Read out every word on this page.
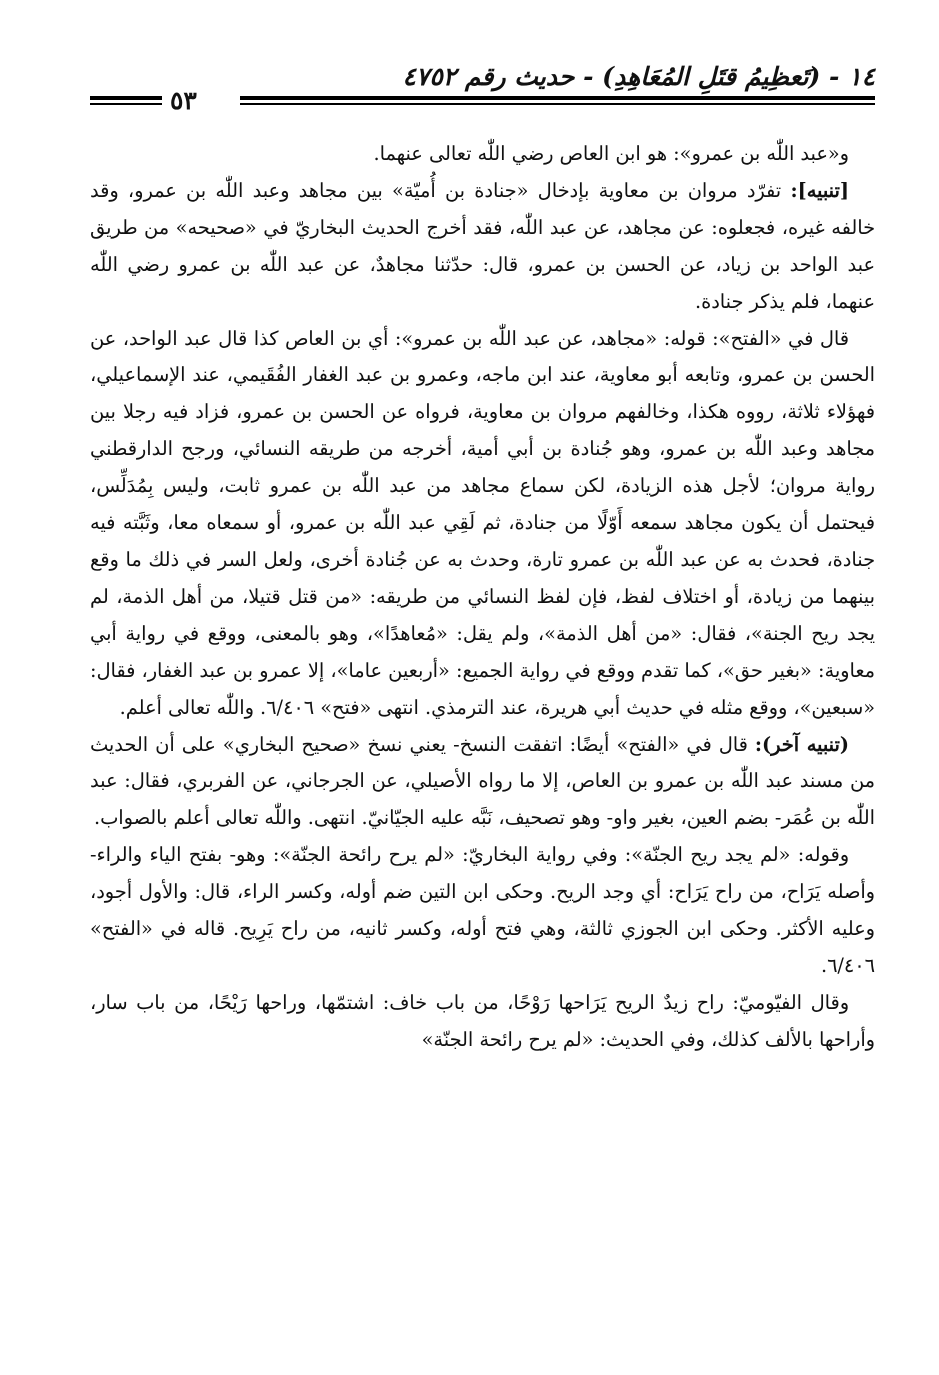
١٤ - (تَعظِيمُ قتَلِ المُعَاهِدِ) - حديث رقم ٤٧٥٢
٥٣

و«عبد اللّٰه بن عمرو»: هو ابن العاص رضي اللّٰه تعالى عنهما.

[تنبيه]: تفرّد مروان بن معاوية بإدخال «جنادة بن أُميّة» بين مجاهد وعبد اللّٰه بن عمرو، وقد خالفه غيره، فجعلوه: عن مجاهد، عن عبد اللّٰه، فقد أخرج الحديث البخاريّ في «صحيحه» من طريق عبد الواحد بن زياد، عن الحسن بن عمرو، قال: حدّثنا مجاهدٌ، عن عبد اللّٰه بن عمرو رضي اللّٰه عنهما، فلم يذكر جنادة.

قال في «الفتح»: قوله: «مجاهد، عن عبد اللّٰه بن عمرو»: أي بن العاص كذا قال عبد الواحد، عن الحسن بن عمرو، وتابعه أبو معاوية، عند ابن ماجه، وعمرو بن عبد الغفار الفُقَيمي، عند الإسماعيلي، فهؤلاء ثلاثة، رووه هكذا، وخالفهم مروان بن معاوية، فرواه عن الحسن بن عمرو، فزاد فيه رجلا بين مجاهد وعبد اللّٰه بن عمرو، وهو جُنادة بن أبي أمية، أخرجه من طريقه النسائي، ورجح الدارقطني رواية مروان؛ لأجل هذه الزيادة، لكن سماع مجاهد من عبد اللّٰه بن عمرو ثابت، وليس بِمُدَلِّس، فيحتمل أن يكون مجاهد سمعه أَوّلًا من جنادة، ثم لَقِي عبد اللّٰه بن عمرو، أو سمعاه معا، وثَبَّته فيه جنادة، فحدث به عن عبد اللّٰه بن عمرو تارة، وحدث به عن جُنادة أخرى، ولعل السر في ذلك ما وقع بينهما من زيادة، أو اختلاف لفظ، فإن لفظ النسائي من طريقه: «من قتل قتيلا، من أهل الذمة، لم يجد ريح الجنة»، فقال: «من أهل الذمة»، ولم يقل: «مُعاهدًا»، وهو بالمعنى، ووقع في رواية أبي معاوية: «بغير حق»، كما تقدم ووقع في رواية الجميع: «أربعين عاما»، إلا عمرو بن عبد الغفار، فقال: «سبعين»، ووقع مثله في حديث أبي هريرة، عند الترمذي. انتهى «فتح» ٦/٤٠٦. واللّٰه تعالى أعلم.

(تنبيه آخر): قال في «الفتح» أيضًا: اتفقت النسخ- يعني نسخ «صحيح البخاري» على أن الحديث من مسند عبد اللّٰه بن عمرو بن العاص، إلا ما رواه الأصيلي، عن الجرجاني، عن الفربري، فقال: عبد اللّٰه بن عُمَر- بضم العين، بغير واو- وهو تصحيف، نَبَّه عليه الجيّانيّ. انتهى. واللّٰه تعالى أعلم بالصواب.

وقوله: «لم يجد ريح الجنّة»: وفي رواية البخاريّ: «لم يرح رائحة الجنّة»: وهو- بفتح الياء والراء- وأصله يَرَاح، من راح يَرَاح: أي وجد الريح. وحكى ابن التين ضم أوله، وكسر الراء، قال: والأول أجود، وعليه الأكثر. وحكى ابن الجوزي ثالثة، وهي فتح أوله، وكسر ثانيه، من راح يَرِيح. قاله في «الفتح» ٦/٤٠٦.

وقال الفيّوميّ: راح زيدٌ الريح يَرَاحها رَوْحًا، من باب خاف: اشتمّها، وراحها رَيْحًا، من باب سار، وأراحها بالألف كذلك، وفي الحديث: «لم يرح رائحة الجنّة»
